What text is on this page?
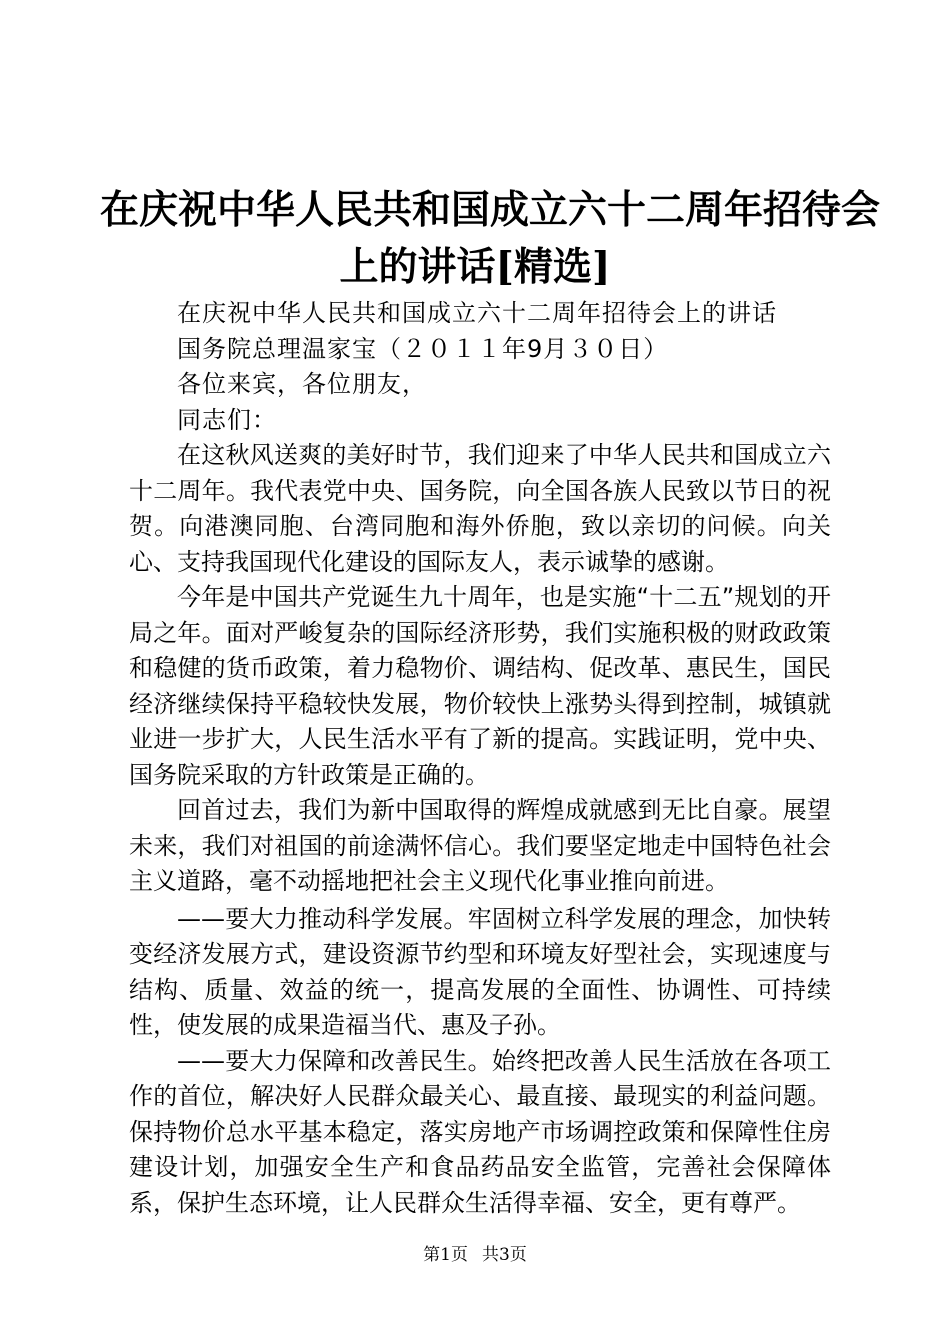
在庆祝中华人民共和国成立六十二周年招待会
上的讲话[精选]

在庆祝中华人民共和国成立六十二周年招待会上的讲话

国务院总理温家宝（２０１１年9月３０日）

各位来宾，各位朋友，

同志们：

在这秋风送爽的美好时节，我们迎来了中华人民共和国成立六十二周年。我代表党中央、国务院，向全国各族人民致以节日的祝贺。向港澳同胞、台湾同胞和海外侨胞，致以亲切的问候。向关心、支持我国现代化建设的国际友人，表示诚挚的感谢。

今年是中国共产党诞生九十周年，也是实施“十二五”规划的开局之年。面对严峻复杂的国际经济形势，我们实施积极的财政政策和稳健的货币政策，着力稳物价、调结构、促改革、惠民生，国民经济继续保持平稳较快发展，物价较快上涨势头得到控制，城镇就业进一步扩大，人民生活水平有了新的提高。实践证明，党中央、国务院采取的方针政策是正确的。

回首过去，我们为新中国取得的辉煌成就感到无比自豪。展望未来，我们对祖国的前途满怀信心。我们要坚定地走中国特色社会主义道路，毫不动摇地把社会主义现代化事业推向前进。

——要大力推动科学发展。牢固树立科学发展的理念，加快转变经济发展方式，建设资源节约型和环境友好型社会，实现速度与结构、质量、效益的统一，提高发展的全面性、协调性、可持续性，使发展的成果造福当代、惠及子孙。

——要大力保障和改善民生。始终把改善人民生活放在各项工作的首位，解决好人民群众最关心、最直接、最现实的利益问题。保持物价总水平基本稳定，落实房地产市场调控政策和保障性住房建设计划，加强安全生产和食品药品安全监管，完善社会保障体系，保护生态环境，让人民群众生活得幸福、安全，更有尊严。

第1页 共3页
